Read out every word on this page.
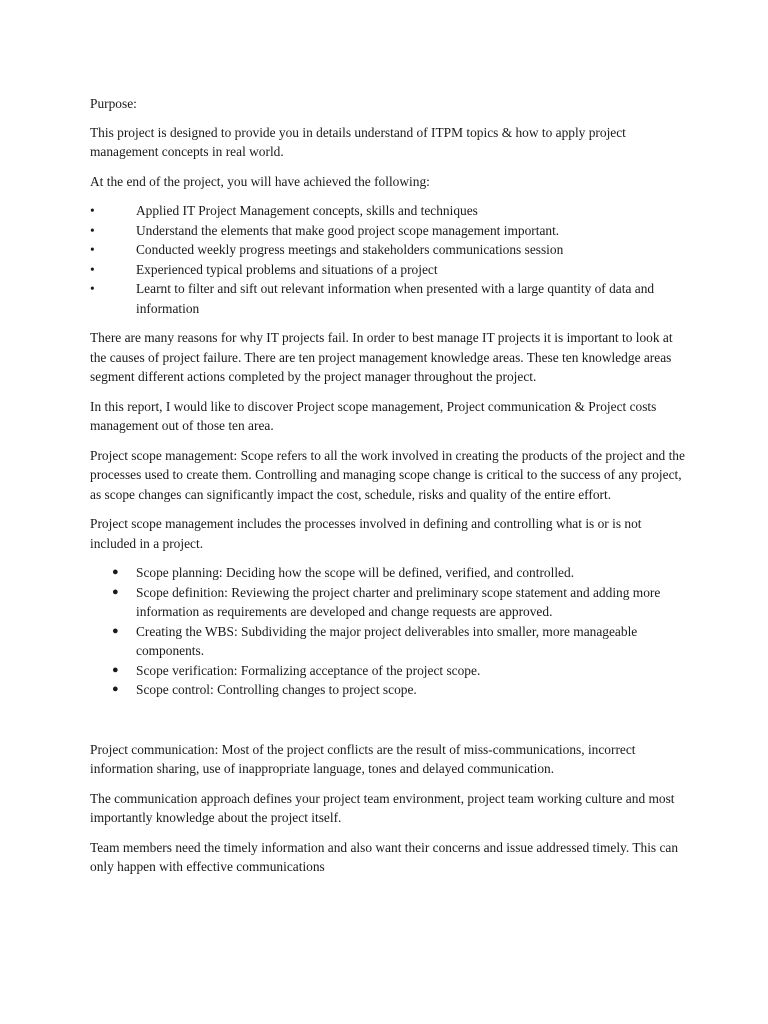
Purpose:

This project is designed to provide you in details understand of ITPM topics & how to apply project management concepts in real world.

At the end of the project, you will have achieved the following:

•	Applied IT Project Management concepts, skills and techniques
•	Understand the elements that make good project scope management important.
•	Conducted weekly progress meetings and stakeholders communications session
•	Experienced typical problems and situations of a project
•	Learnt to filter and sift out relevant information when presented with a large quantity of data and information

There are many reasons for why IT projects fail. In order to best manage IT projects it is important to look at the causes of project failure. There are ten project management knowledge areas. These ten knowledge areas segment different actions completed by the project manager throughout the project.

In this report, I would like to discover Project scope management, Project communication & Project costs management out of those ten area.

Project scope management: Scope refers to all the work involved in creating the products of the project and the processes used to create them. Controlling and managing scope change is critical to the success of any project, as scope changes can significantly impact the cost, schedule, risks and quality of the entire effort.

Project scope management includes the processes involved in defining and controlling what is or is not included in a project.

●	Scope planning: Deciding how the scope will be defined, verified, and controlled.
●	Scope definition: Reviewing the project charter and preliminary scope statement and adding more information as requirements are developed and change requests are approved.
●	Creating the WBS: Subdividing the major project deliverables into smaller, more manageable components.
●	Scope verification: Formalizing acceptance of the project scope.
●	Scope control: Controlling changes to project scope.

Project communication: Most of the project conflicts are the result of miss-communications, incorrect information sharing, use of inappropriate language, tones and delayed communication.

The communication approach defines your project team environment, project team working culture and most importantly knowledge about the project itself.

Team members need the timely information and also want their concerns and issue addressed timely. This can only happen with effective communications
